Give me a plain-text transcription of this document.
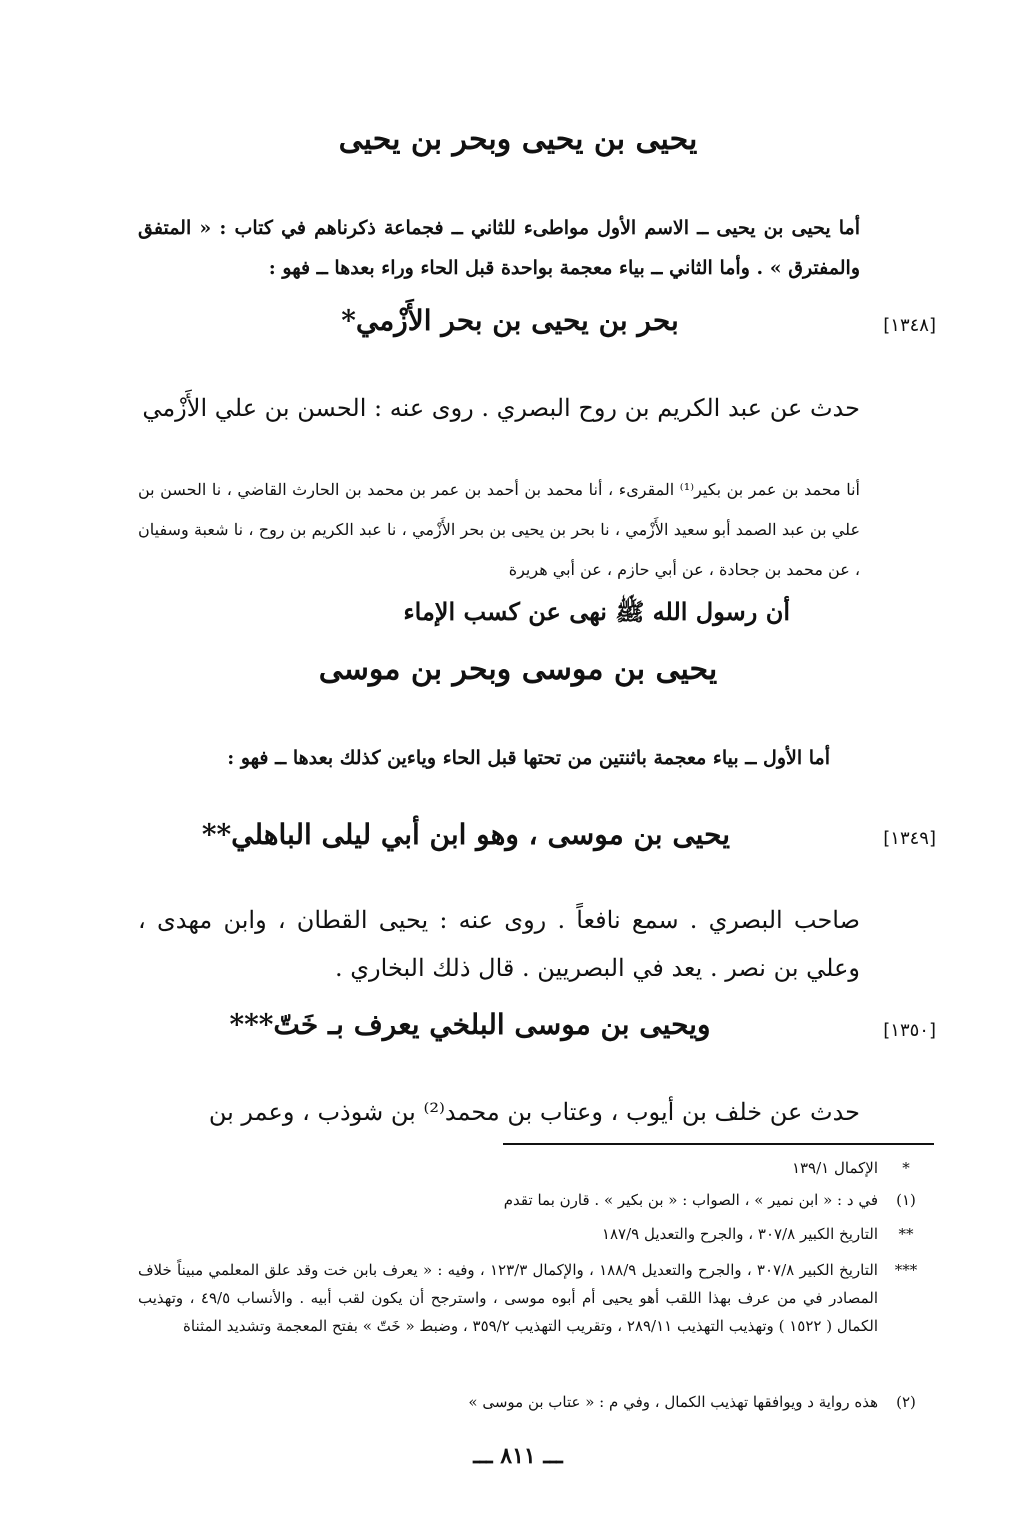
يحيى بن يحيى وبحر بن يحيى
أما يحيى بن يحيى ــ الاسم الأول مواطىء للثاني ــ فجماعة ذكرناهم في كتاب : « المتفق والمفترق » . وأما الثاني ــ بياء معجمة بواحدة قبل الحاء وراء بعدها ــ فهو :
[١٣٤٨]
بحر بن يحيى بن بحر الأَزْمي*
حدث عن عبد الكريم بن روح البصري . روى عنه : الحسن بن علي الأَزْمي
أنا محمد بن عمر بن بكير⁽¹⁾ المقرىء ، أنا محمد بن أحمد بن عمر بن محمد بن الحارث القاضي ، نا الحسن بن علي بن عبد الصمد أبو سعيد الأَزْمي ، نا بحر بن يحيى بن بحر الأَزْمي ، نا عبد الكريم بن روح ، نا شعبة وسفيان ، عن محمد بن جحادة ، عن أبي حازم ، عن أبي هريرة
أن رسول الله ﷺ نهى عن كسب الإماء
يحيى بن موسى وبحر بن موسى
أما الأول ــ بياء معجمة باثنتين من تحتها قبل الحاء وياءين كذلك بعدها ــ فهو :
[١٣٤٩]
يحيى بن موسى ، وهو ابن أبي ليلى الباهلي**
صاحب البصري . سمع نافعاً . روى عنه : يحيى القطان ، وابن مهدى ، وعلي بن نصر . يعد في البصريين . قال ذلك البخاري .
[١٣٥٠]
ويحيى بن موسى البلخي يعرف بـ خَتّ***
حدث عن خلف بن أيوب ، وعتاب بن محمد⁽²⁾ بن شوذب ، وعمر بن
*
الإكمال ١٣٩/١
(١)
في د : « ابن نمير » ، الصواب : « بن بكير » . قارن بما تقدم
**
التاريخ الكبير ٣٠٧/٨ ، والجرح والتعديل ١٨٧/٩
***
التاريخ الكبير ٣٠٧/٨ ، والجرح والتعديل ١٨٨/٩ ، والإكمال ١٢٣/٣ ، وفيه : « يعرف بابن خت وقد علق المعلمي مبيناً خلاف المصادر في من عرف بهذا اللقب أهو يحيى أم أبوه موسى ، واسترجح أن يكون لقب أبيه . والأنساب ٤٩/٥ ، وتهذيب الكمال ( ١٥٢٢ ) وتهذيب التهذيب ٢٨٩/١١ ، وتقريب التهذيب ٣٥٩/٢ ، وضبط « خَتّ » بفتح المعجمة وتشديد المثناة
(٢)
هذه رواية د ويوافقها تهذيب الكمال ، وفي م : « عتاب بن موسى »
ـــ ٨١١ ـــ
